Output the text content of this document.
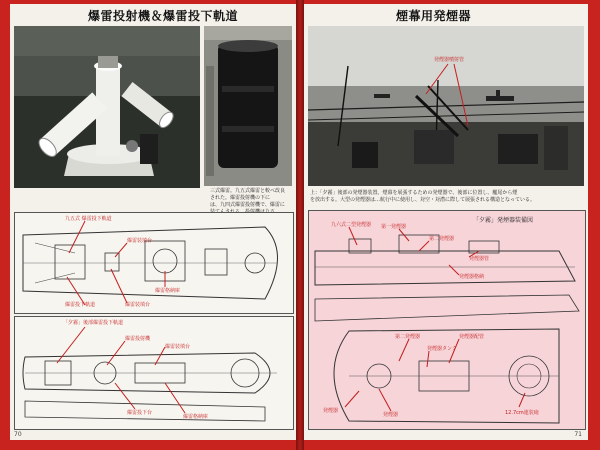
爆雷投射機＆爆雷投下軌道
三式爆雷。九五式爆雷と較べ改良
された。爆雷投射機の下に
は、九四式爆雷投射機で、爆雷に
九五式 爆雷投下軌道
爆雷装填台
爆雷格納庫
爆雷投下軌道	爆雷装填台
「夕霧」後部爆雷投下軌道
爆雷投射機
爆雷装填台
爆雷投下台
爆雷格納庫
70
煙幕用発煙器
発煙器噴射管
上：「夕霧」後部の発煙器装置。煙幕を展張するための発煙器で、後部に位置し、艦尾から煙
を放出する。大型の発煙器は…航行中に使用し、対空・対潜に際して展張される構造となっている。
「夕霧」発煙器装備図
九六式二型発煙器 第一発煙器
第二発煙器
発煙器管
発煙器格納
第二発煙器
発煙器タンク
発煙器配管
発煙器
発煙器	12.7cm連装砲
71
